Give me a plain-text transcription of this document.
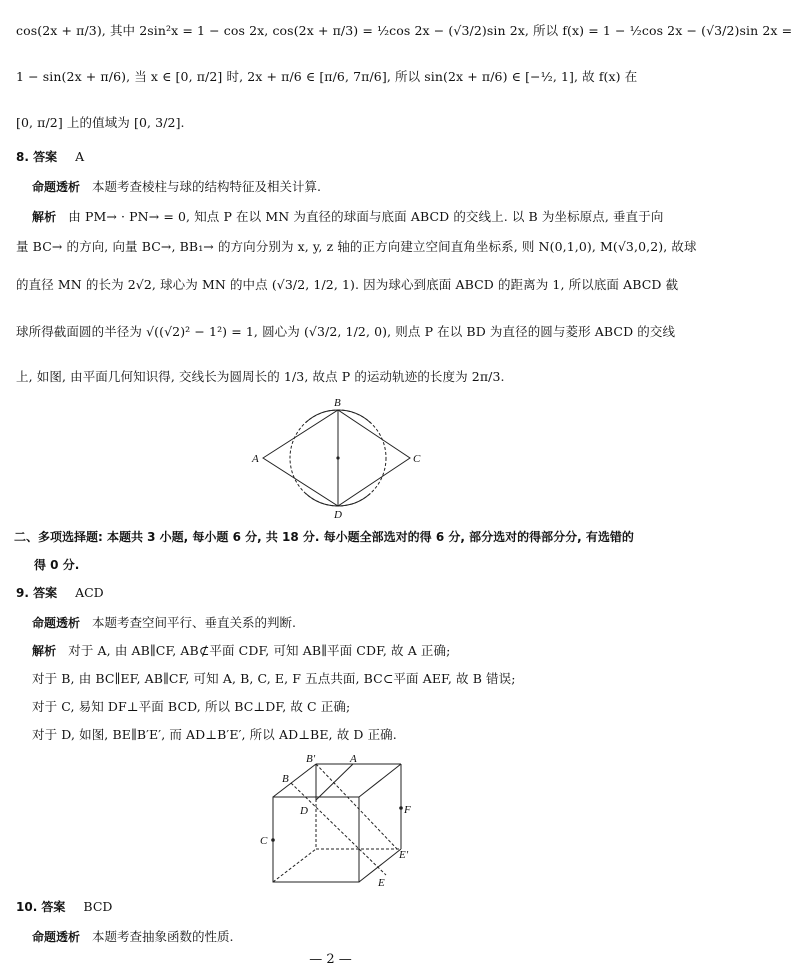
cos(2x + π/3), 其中 2sin²x = 1 − cos 2x, cos(2x + π/3) = ½cos 2x − (√3/2)sin 2x, 所以 f(x) = 1 − ½cos 2x − (√3/2)sin 2x =
1 − sin(2x + π/6), 当 x ∈ [0, π/2] 时, 2x + π/6 ∈ [π/6, 7π/6], 所以 sin(2x + π/6) ∈ [−½, 1], 故 f(x) 在
[0, π/2] 上的值域为 [0, 3/2].
8. 答案 A
命题透析 本题考查棱柱与球的结构特征及相关计算.
解析 由 PM→ · PN→ = 0, 知点 P 在以 MN 为直径的球面与底面 ABCD 的交线上. 以 B 为坐标原点, 垂直于向
量 BC→ 的方向, 向量 BC→, BB₁→ 的方向分别为 x, y, z 轴的正方向建立空间直角坐标系, 则 N(0,1,0), M(√3,0,2), 故球
的直径 MN 的长为 2√2, 球心为 MN 的中点 (√3/2, 1/2, 1). 因为球心到底面 ABCD 的距离为 1, 所以底面 ABCD 截
球所得截面圆的半径为 √((√2)² − 1²) = 1, 圆心为 (√3/2, 1/2, 0), 则点 P 在以 BD 为直径的圆与菱形 ABCD 的交线
上, 如图, 由平面几何知识得, 交线长为圆周长的 1/3, 故点 P 的运动轨迹的长度为 2π/3.
A
B
C
D
二、多项选择题: 本题共 3 小题, 每小题 6 分, 共 18 分. 每小题全部选对的得 6 分, 部分选对的得部分分, 有选错的
得 0 分.
9. 答案 ACD
命题透析 本题考查空间平行、垂直关系的判断.
解析 对于 A, 由 AB∥CF, AB⊄平面 CDF, 可知 AB∥平面 CDF, 故 A 正确;
对于 B, 由 BC∥EF, AB∥CF, 可知 A, B, C, E, F 五点共面, BC⊂平面 AEF, 故 B 错误;
对于 C, 易知 DF⊥平面 BCD, 所以 BC⊥DF, 故 C 正确;
对于 D, 如图, BE∥B′E′, 而 AD⊥B′E′, 所以 AD⊥BE, 故 D 正确.
B′	A
B
D	F
C
E′
E
10. 答案 BCD
命题透析 本题考查抽象函数的性质.
— 2 —
